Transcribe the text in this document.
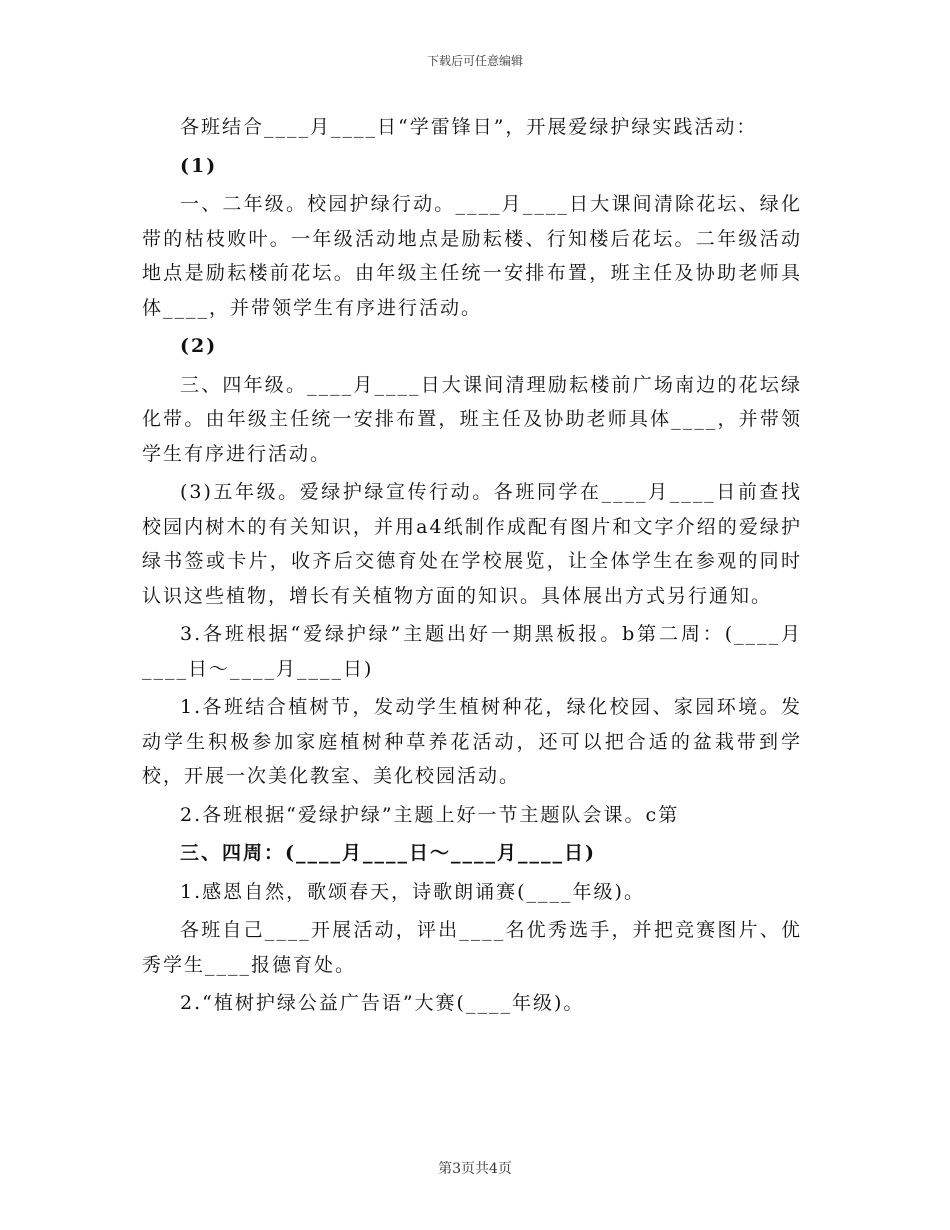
下载后可任意编辑

各班结合____月____日“学雷锋日”，开展爱绿护绿实践活动：

(1)

一、二年级。校园护绿行动。____月____日大课间清除花坛、绿化带的枯枝败叶。一年级活动地点是励耘楼、行知楼后花坛。二年级活动地点是励耘楼前花坛。由年级主任统一安排布置，班主任及协助老师具体____，并带领学生有序进行活动。

(2)

三、四年级。____月____日大课间清理励耘楼前广场南边的花坛绿化带。由年级主任统一安排布置，班主任及协助老师具体____，并带领学生有序进行活动。

(3)五年级。爱绿护绿宣传行动。各班同学在____月____日前查找校园内树木的有关知识，并用a4纸制作成配有图片和文字介绍的爱绿护绿书签或卡片，收齐后交德育处在学校展览，让全体学生在参观的同时认识这些植物，增长有关植物方面的知识。具体展出方式另行通知。

3.各班根据“爱绿护绿”主题出好一期黑板报。b第二周：(____月____日～____月____日)

1.各班结合植树节，发动学生植树种花，绿化校园、家园环境。发动学生积极参加家庭植树种草养花活动，还可以把合适的盆栽带到学校，开展一次美化教室、美化校园活动。

2.各班根据“爱绿护绿”主题上好一节主题队会课。c第

三、四周：(____月____日～____月____日)

1.感恩自然，歌颂春天，诗歌朗诵赛(____年级)。

各班自己____开展活动，评出____名优秀选手，并把竞赛图片、优秀学生____报德育处。

2.“植树护绿公益广告语”大赛(____年级)。

第3页共4页
